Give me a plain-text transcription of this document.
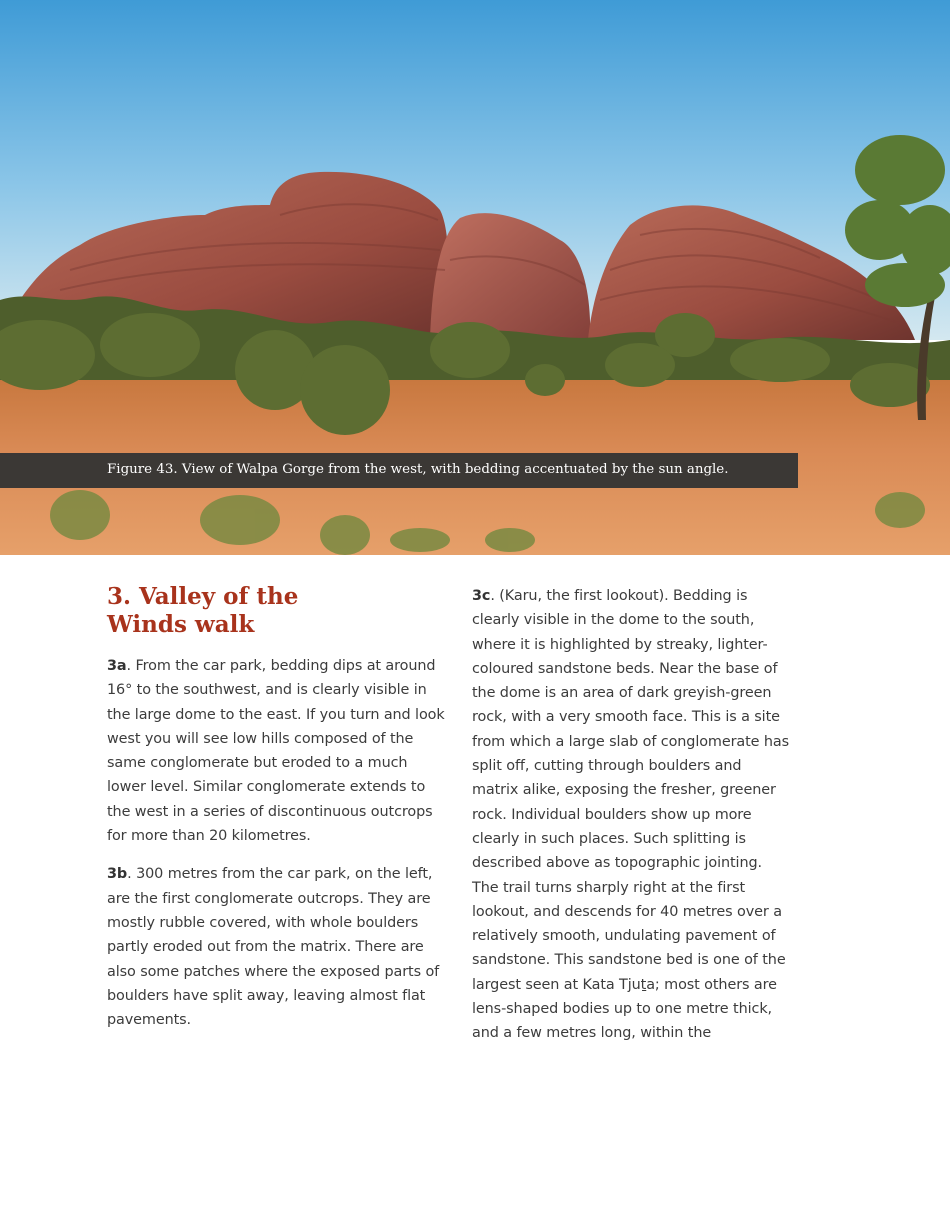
Figure 43. View of Walpa Gorge from the west, with bedding accentuated by the sun angle.
3. Valley of the
Winds walk

3a. From the car park, bedding dips at around 16° to the southwest, and is clearly visible in the large dome to the east. If you turn and look west you will see low hills composed of the same conglomerate but eroded to a much lower level. Similar conglomerate extends to the west in a series of discontinuous outcrops for more than 20 kilometres.

3b. 300 metres from the car park, on the left, are the first conglomerate outcrops. They are mostly rubble covered, with whole boulders partly eroded out from the matrix. There are also some patches where the exposed parts of boulders have split away, leaving almost flat pavements.

3c. (Karu, the first lookout). Bedding is clearly visible in the dome to the south, where it is highlighted by streaky, lighter-coloured sandstone beds. Near the base of the dome is an area of dark greyish-green rock, with a very smooth face. This is a site from which a large slab of conglomerate has split off, cutting through boulders and matrix alike, exposing the fresher, greener rock. Individual boulders show up more clearly in such places. Such splitting is described above as topographic jointing. The trail turns sharply right at the first lookout, and descends for 40 metres over a relatively smooth, undulating pavement of sandstone. This sandstone bed is one of the largest seen at Kata Tjuṯa; most others are lens-shaped bodies up to one metre thick, and a few metres long, within the
